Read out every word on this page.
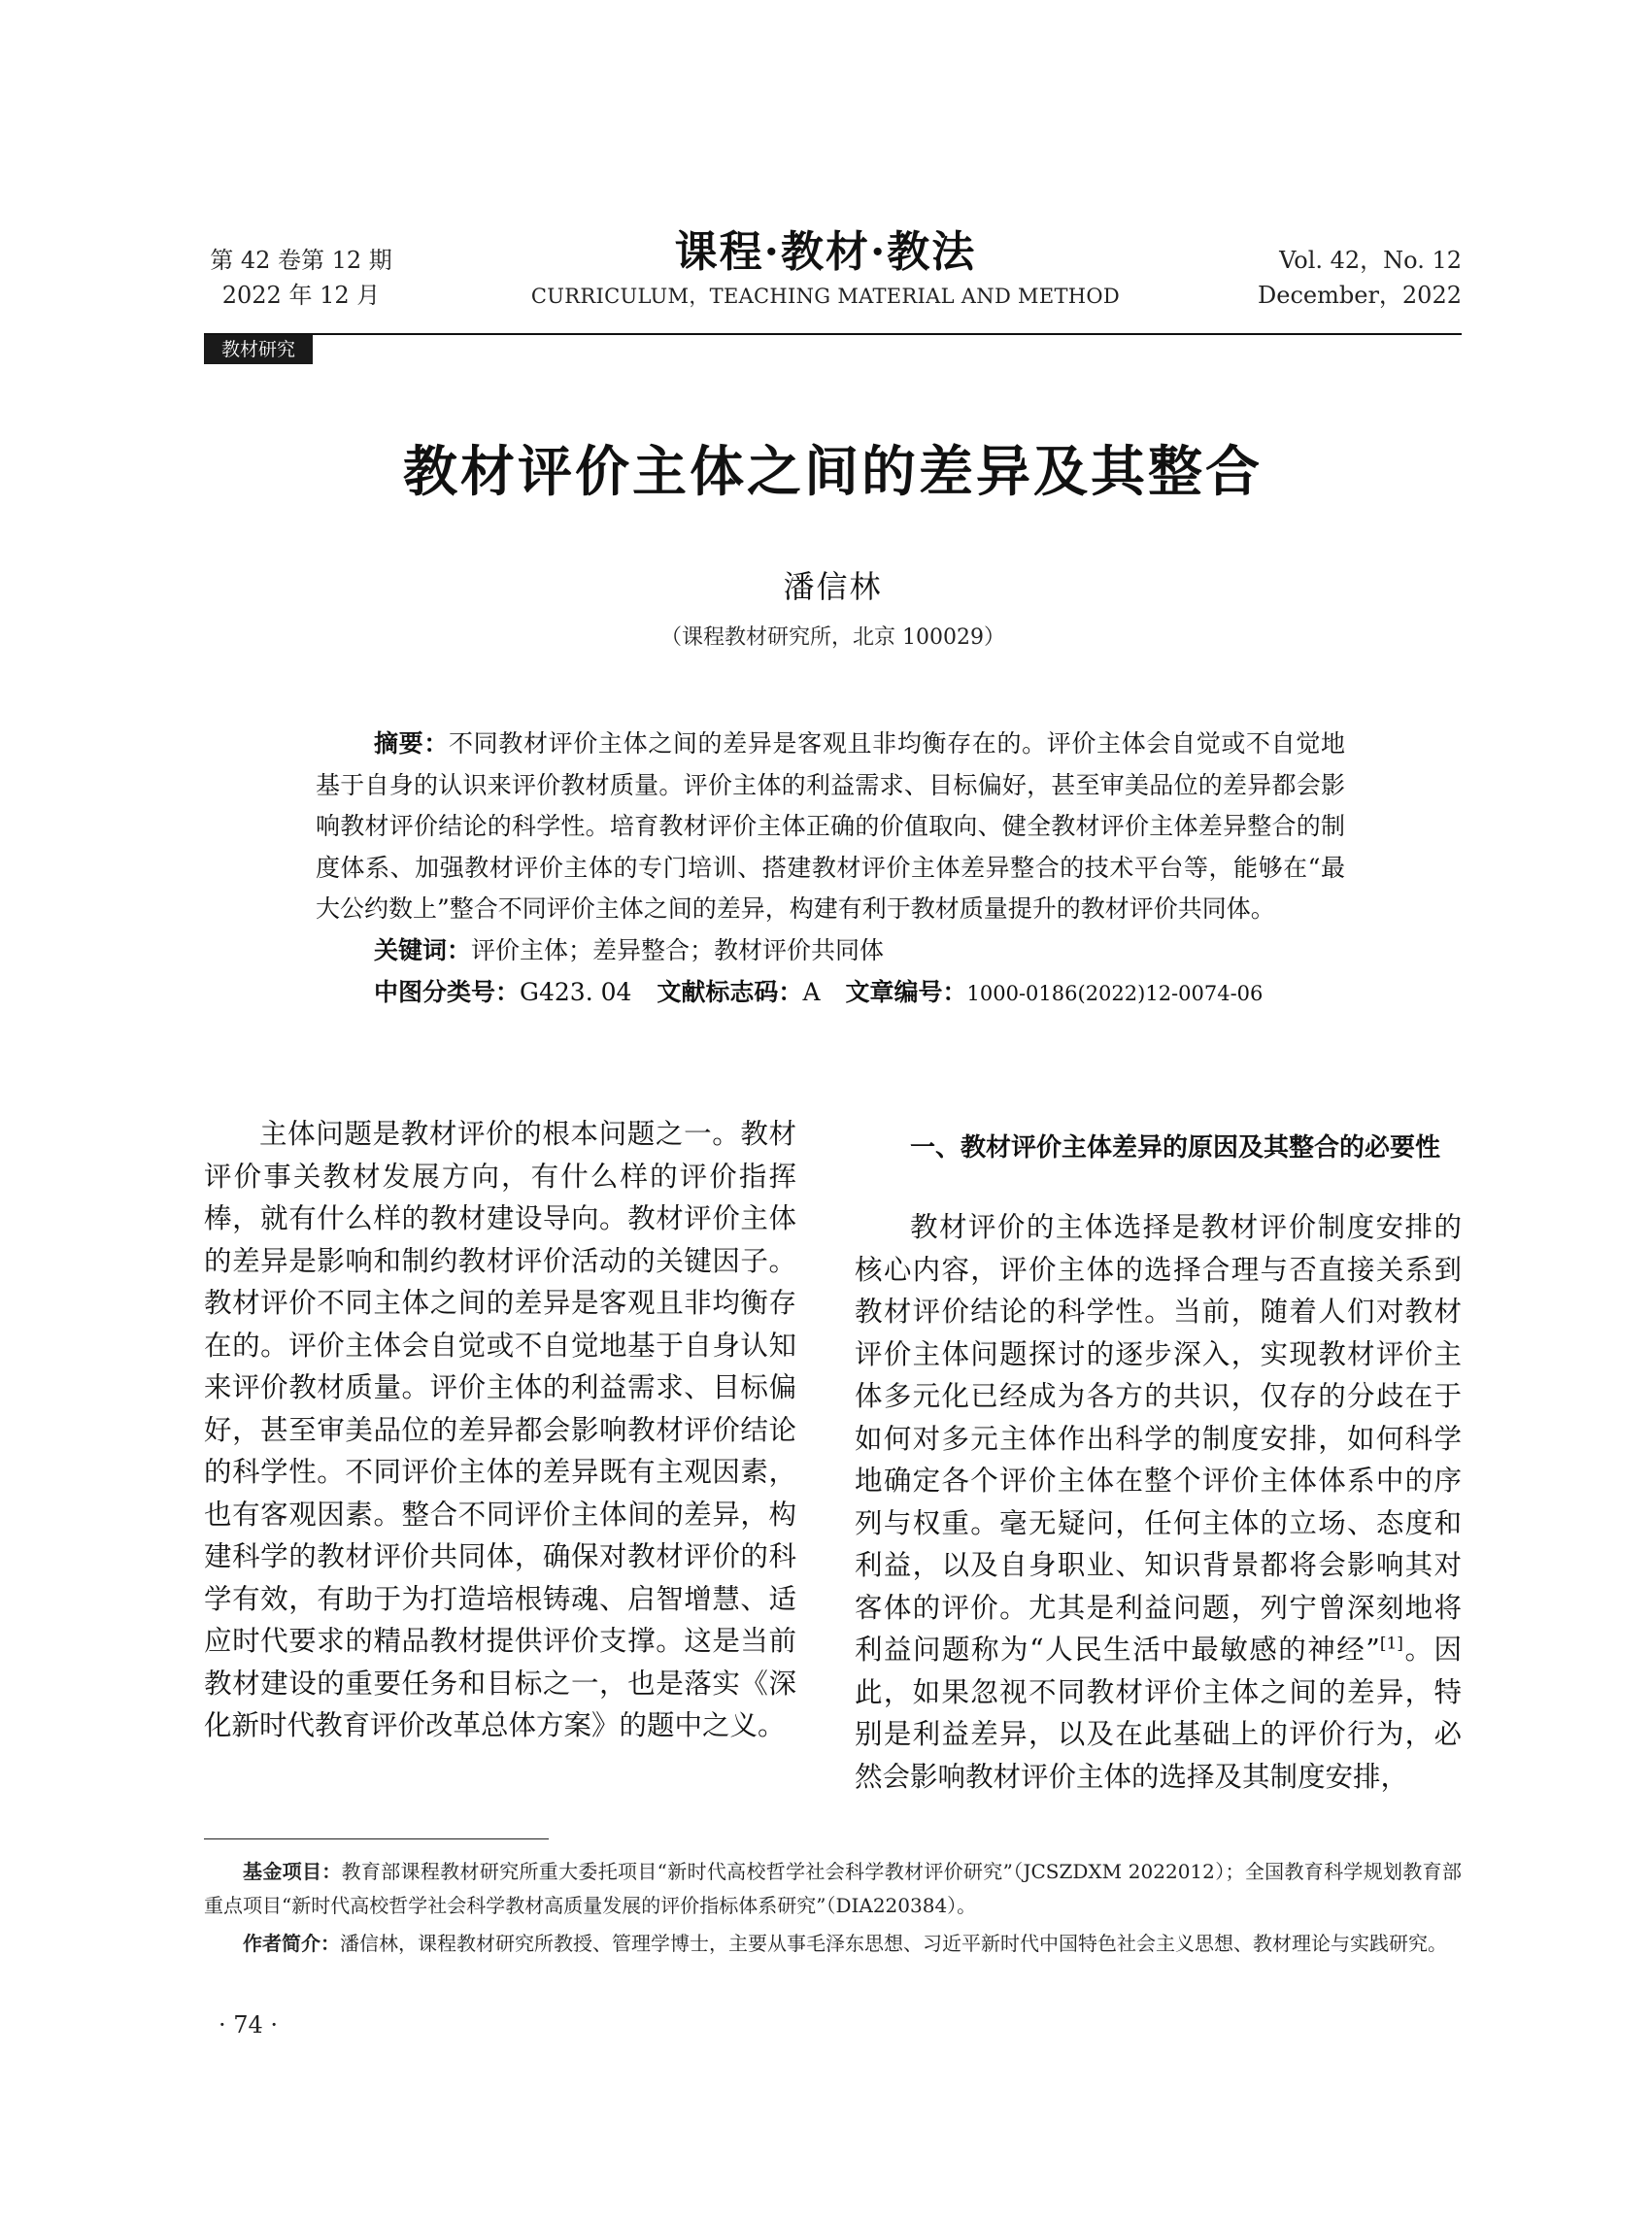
第 42 卷第 12 期
2022 年 12 月
课程·教材·教法
CURRICULUM，TEACHING MATERIAL AND METHOD
Vol. 42，No. 12
December，2022
教材研究
教材评价主体之间的差异及其整合
潘信林
（课程教材研究所，北京 100029）

摘要：不同教材评价主体之间的差异是客观且非均衡存在的。评价主体会自觉或不自觉地基于自身的认识来评价教材质量。评价主体的利益需求、目标偏好，甚至审美品位的差异都会影响教材评价结论的科学性。培育教材评价主体正确的价值取向、健全教材评价主体差异整合的制度体系、加强教材评价主体的专门培训、搭建教材评价主体差异整合的技术平台等，能够在“最大公约数上”整合不同评价主体之间的差异，构建有利于教材质量提升的教材评价共同体。

关键词：评价主体；差异整合；教材评价共同体

中图分类号：G423. 04 文献标志码：A 文章编号：1000-0186(2022)12-0074-06

主体问题是教材评价的根本问题之一。教材评价事关教材发展方向，有什么样的评价指挥棒，就有什么样的教材建设导向。教材评价主体的差异是影响和制约教材评价活动的关键因子。教材评价不同主体之间的差异是客观且非均衡存在的。评价主体会自觉或不自觉地基于自身认知来评价教材质量。评价主体的利益需求、目标偏好，甚至审美品位的差异都会影响教材评价结论的科学性。不同评价主体的差异既有主观因素，也有客观因素。整合不同评价主体间的差异，构建科学的教材评价共同体，确保对教材评价的科学有效，有助于为打造培根铸魂、启智增慧、适应时代要求的精品教材提供评价支撑。这是当前教材建设的重要任务和目标之一，也是落实《深化新时代教育评价改革总体方案》的题中之义。

一、教材评价主体差异的原因及其整合的必要性

教材评价的主体选择是教材评价制度安排的核心内容，评价主体的选择合理与否直接关系到教材评价结论的科学性。当前，随着人们对教材评价主体问题探讨的逐步深入，实现教材评价主体多元化已经成为各方的共识，仅存的分歧在于如何对多元主体作出科学的制度安排，如何科学地确定各个评价主体在整个评价主体体系中的序列与权重。毫无疑问，任何主体的立场、态度和利益，以及自身职业、知识背景都将会影响其对客体的评价。尤其是利益问题，列宁曾深刻地将利益问题称为“人民生活中最敏感的神经”[1]。因此，如果忽视不同教材评价主体之间的差异，特别是利益差异，以及在此基础上的评价行为，必然会影响教材评价主体的选择及其制度安排，

基金项目：教育部课程教材研究所重大委托项目“新时代高校哲学社会科学教材评价研究”（JCSZDXM 2022012）；全国教育科学规划教育部重点项目“新时代高校哲学社会科学教材高质量发展的评价指标体系研究”（DIA220384）。

作者简介：潘信林，课程教材研究所教授、管理学博士，主要从事毛泽东思想、习近平新时代中国特色社会主义思想、教材理论与实践研究。

· 74 ·
